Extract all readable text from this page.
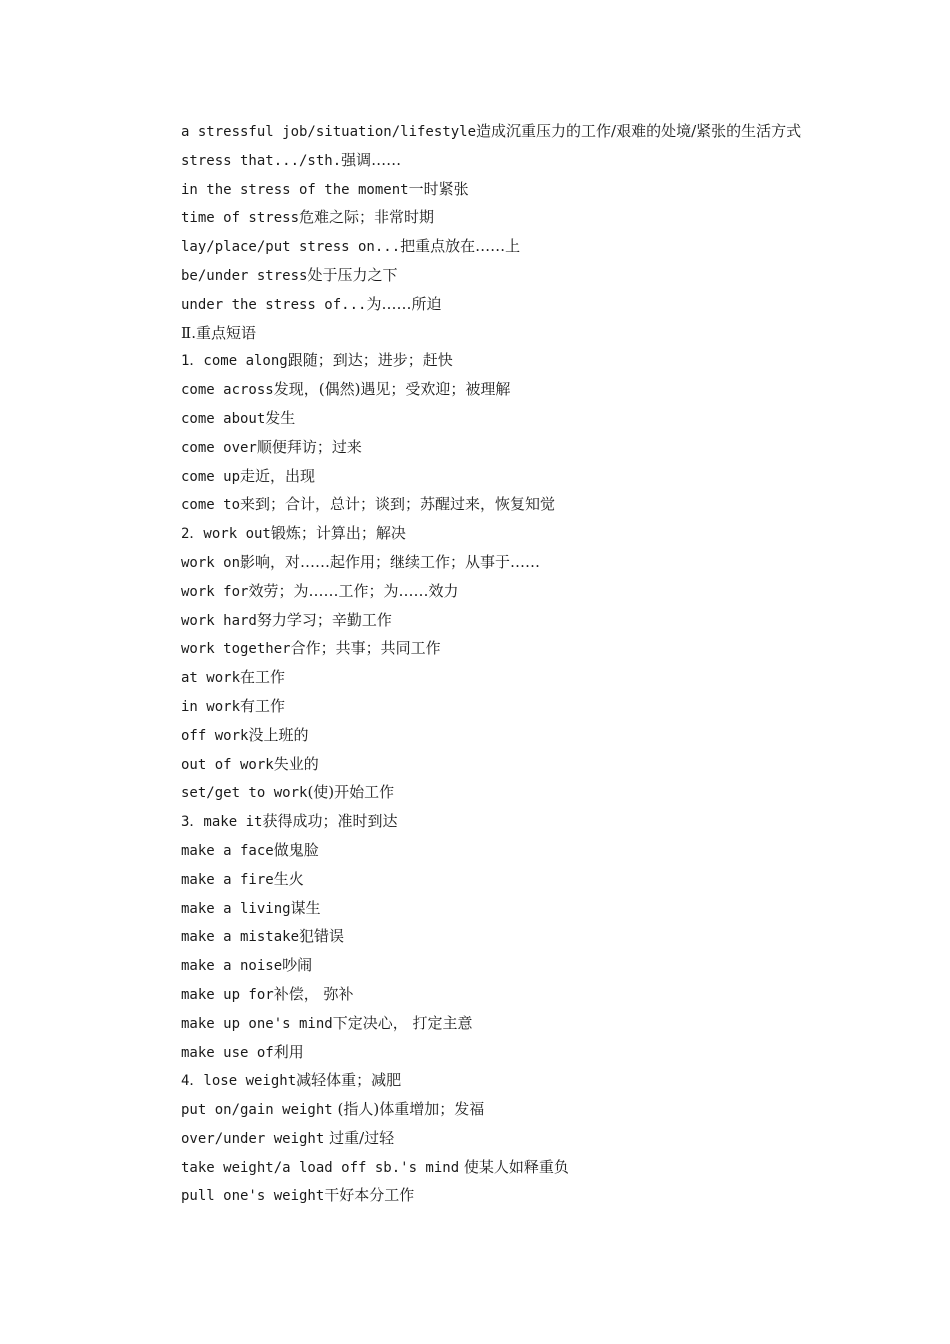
a stressful job/situation/lifestyle造成沉重压力的工作/艰难的处境/紧张的生活方式

stress that.../sth.强调……

in the stress of the moment一时紧张

time of stress危难之际；非常时期

lay/place/put stress on...把重点放在……上

be/under stress处于压力之下

under the stress of...为……所迫

Ⅱ.重点短语

1．come along跟随；到达；进步；赶快

come across发现，(偶然)遇见；受欢迎；被理解

come about发生

come over顺便拜访；过来

come up走近，出现

come to来到；合计，总计；谈到；苏醒过来，恢复知觉

2．work out锻炼；计算出；解决

work on影响，对……起作用；继续工作；从事于……

work for效劳；为……工作；为……效力

work hard努力学习；辛勤工作

work together合作；共事；共同工作

at work在工作

in work有工作

off work没上班的

out of work失业的

set/get to work(使)开始工作

3．make it获得成功；准时到达

make a face做鬼脸

make a fire生火

make a living谋生

make a mistake犯错误

make a noise吵闹

make up for补偿， 弥补

make up one's mind下定决心， 打定主意

make use of利用

4．lose weight减轻体重；减肥

put on/gain weight (指人)体重增加；发福

over/under weight 过重/过轻

take weight/a load off sb.'s mind 使某人如释重负

pull one's weight干好本分工作
